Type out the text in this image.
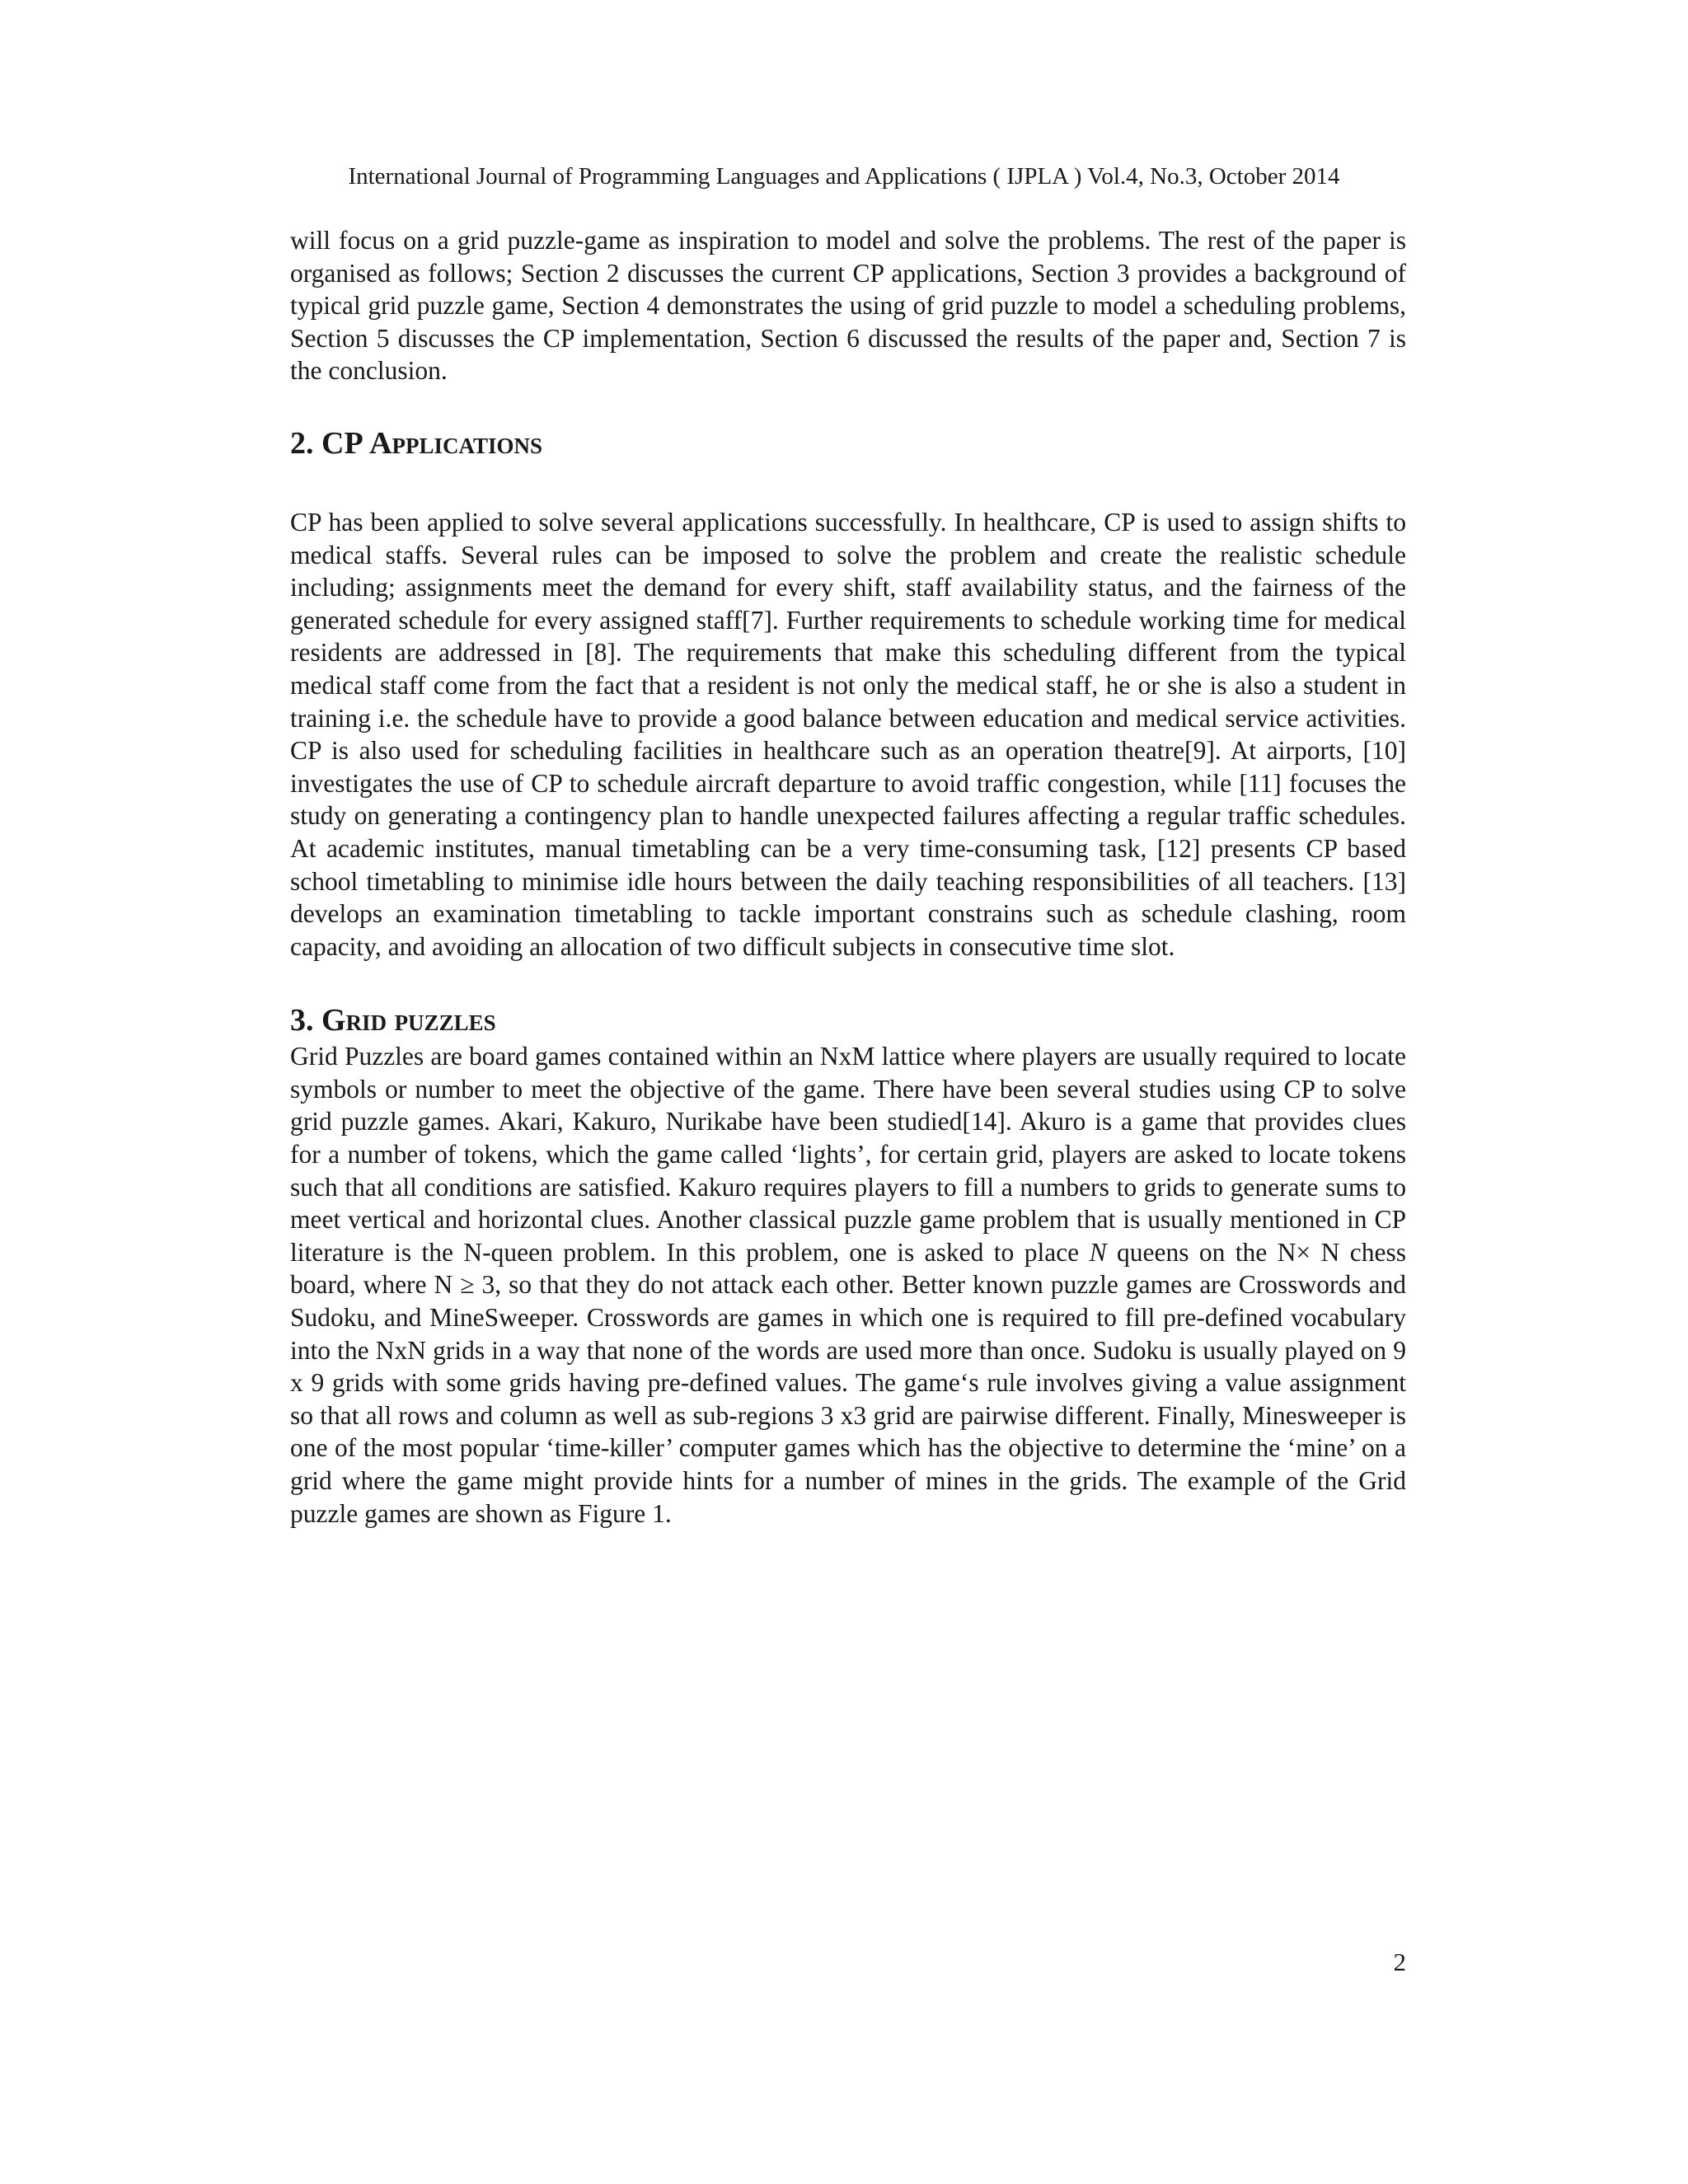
International Journal of Programming Languages and Applications ( IJPLA ) Vol.4, No.3, October 2014

will focus on a grid puzzle-game as inspiration to model and solve the problems. The rest of the paper is organised as follows; Section 2 discusses the current CP applications, Section 3 provides a background of typical grid puzzle game, Section 4 demonstrates the using of grid puzzle to model a scheduling problems, Section 5 discusses the CP implementation, Section 6 discussed the results of the paper and, Section 7 is the conclusion.

2. CP Applications

CP has been applied to solve several applications successfully. In healthcare, CP is used to assign shifts to medical staffs. Several rules can be imposed to solve the problem and create the realistic schedule including; assignments meet the demand for every shift, staff availability status, and the fairness of the generated schedule for every assigned staff[7]. Further requirements to schedule working time for medical residents are addressed in [8]. The requirements that make this scheduling different from the typical medical staff come from the fact that a resident is not only the medical staff, he or she is also a student in training i.e. the schedule have to provide a good balance between education and medical service activities. CP is also used for scheduling facilities in healthcare such as an operation theatre[9]. At airports, [10] investigates the use of CP to schedule aircraft departure to avoid traffic congestion, while [11] focuses the study on generating a contingency plan to handle unexpected failures affecting a regular traffic schedules. At academic institutes, manual timetabling can be a very time-consuming task, [12] presents CP based school timetabling to minimise idle hours between the daily teaching responsibilities of all teachers. [13] develops an examination timetabling to tackle important constrains such as schedule clashing, room capacity, and avoiding an allocation of two difficult subjects in consecutive time slot.

3. Grid puzzles

Grid Puzzles are board games contained within an NxM lattice where players are usually required to locate symbols or number to meet the objective of the game. There have been several studies using CP to solve grid puzzle games. Akari, Kakuro, Nurikabe have been studied[14]. Akuro is a game that provides clues for a number of tokens, which the game called ‘lights’, for certain grid, players are asked to locate tokens such that all conditions are satisfied. Kakuro requires players to fill a numbers to grids to generate sums to meet vertical and horizontal clues. Another classical puzzle game problem that is usually mentioned in CP literature is the N-queen problem. In this problem, one is asked to place N queens on the N× N chess board, where N ≥ 3, so that they do not attack each other. Better known puzzle games are Crosswords and Sudoku, and MineSweeper. Crosswords are games in which one is required to fill pre-defined vocabulary into the NxN grids in a way that none of the words are used more than once. Sudoku is usually played on 9 x 9 grids with some grids having pre-defined values. The game‘s rule involves giving a value assignment so that all rows and column as well as sub-regions 3 x3 grid are pairwise different. Finally, Minesweeper is one of the most popular ‘time-killer’ computer games which has the objective to determine the ‘mine’ on a grid where the game might provide hints for a number of mines in the grids. The example of the Grid puzzle games are shown as Figure 1.

2
